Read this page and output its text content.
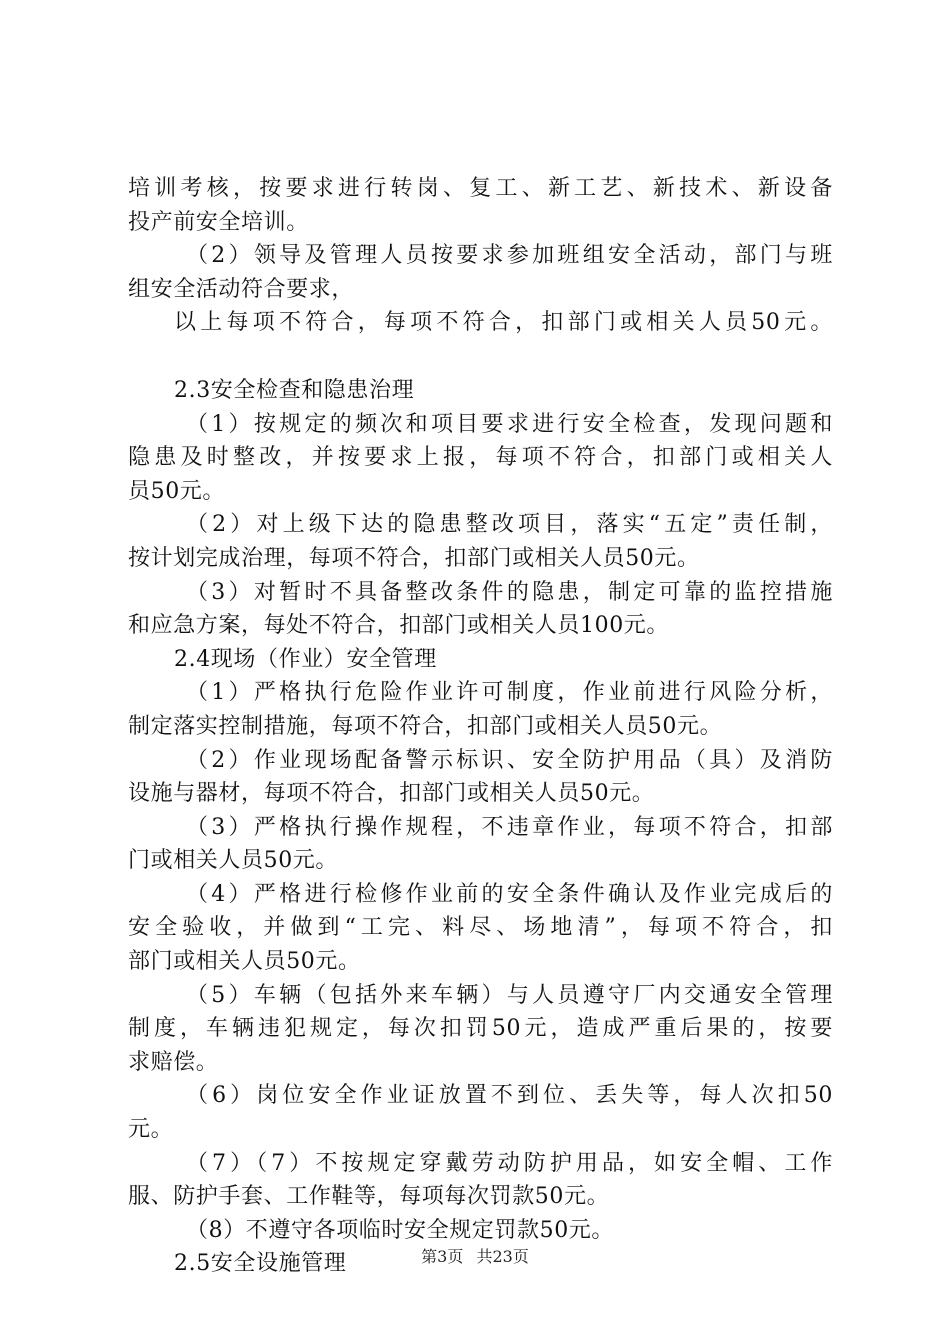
培训考核，按要求进行转岗、复工、新工艺、新技术、新设备
投产前安全培训。
（2）领导及管理人员按要求参加班组安全活动，部门与班
组安全活动符合要求，
以上每项不符合，每项不符合，扣部门或相关人员50元。
2.3安全检查和隐患治理
（1）按规定的频次和项目要求进行安全检查，发现问题和
隐患及时整改，并按要求上报，每项不符合，扣部门或相关人
员50元。
（2）对上级下达的隐患整改项目，落实“五定”责任制，
按计划完成治理，每项不符合，扣部门或相关人员50元。
（3）对暂时不具备整改条件的隐患，制定可靠的监控措施
和应急方案，每处不符合，扣部门或相关人员100元。
2.4现场（作业）安全管理
（1）严格执行危险作业许可制度，作业前进行风险分析，
制定落实控制措施，每项不符合，扣部门或相关人员50元。
（2）作业现场配备警示标识、安全防护用品（具）及消防
设施与器材，每项不符合，扣部门或相关人员50元。
（3）严格执行操作规程，不违章作业，每项不符合，扣部
门或相关人员50元。
（4）严格进行检修作业前的安全条件确认及作业完成后的
安全验收，并做到“工完、料尽、场地清”，每项不符合，扣
部门或相关人员50元。
（5）车辆（包括外来车辆）与人员遵守厂内交通安全管理
制度，车辆违犯规定，每次扣罚50元，造成严重后果的，按要
求赔偿。
（6）岗位安全作业证放置不到位、丢失等，每人次扣50
元。
（7）（7）不按规定穿戴劳动防护用品，如安全帽、工作
服、防护手套、工作鞋等，每项每次罚款50元。
（8）不遵守各项临时安全规定罚款50元。
2.5安全设施管理	第3页 共23页
